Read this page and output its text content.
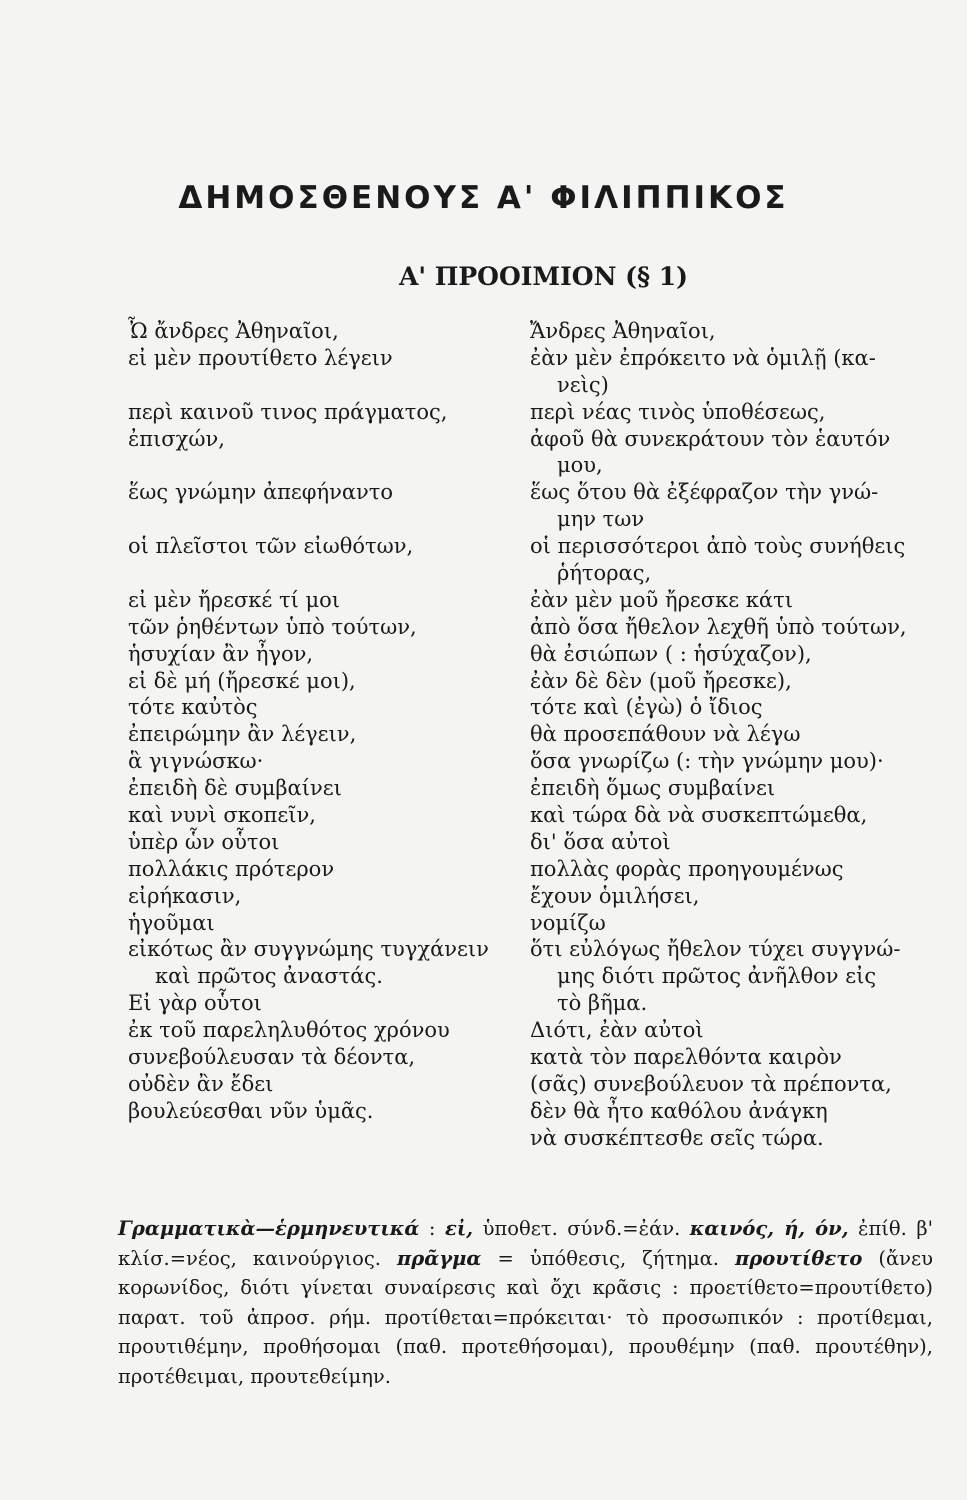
ΔΗΜΟΣΘΕΝΟΥΣ Α' ΦΙΛΙΠΠΙΚΟΣ
Α' ΠΡΟΟΙΜΙΟΝ (§ 1)
Ὦ ἄνδρες Ἀθηναῖοι,
εἰ μὲν προυτίθετο λέγειν
περὶ καινοῦ τινος πράγματος,
ἐπισχών,
ἕως γνώμην ἀπεφήναντο
οἱ πλεῖστοι τῶν εἰωθότων,
εἰ μὲν ἤρεσκέ τί μοι
τῶν ῥηθέντων ὑπὸ τούτων,
ἡσυχίαν ἂν ἦγον,
εἰ δὲ μή (ἤρεσκέ μοι),
τότε καὐτὸς
ἐπειρώμην ἂν λέγειν,
ἃ γιγνώσκω·
ἐπειδὴ δὲ συμβαίνει
καὶ νυνὶ σκοπεῖν,
ὑπὲρ ὧν οὗτοι
πολλάκις πρότερον
εἰρήκασιν,
ἡγοῦμαι
εἰκότως ἂν συγγνώμης τυγχάνειν
καὶ πρῶτος ἀναστάς.
Εἰ γὰρ οὗτοι
ἐκ τοῦ παρεληλυθότος χρόνου
συνεβούλευσαν τὰ δέοντα,
οὐδὲν ἂν ἔδει
βουλεύεσθαι νῦν ὑμᾶς.
Ἄνδρες Ἀθηναῖοι,
ἐὰν μὲν ἐπρόκειτο νὰ ὁμιλῇ (κα-
νεὶς)
περὶ νέας τινὸς ὑποθέσεως,
ἀφοῦ θὰ συνεκράτουν τὸν ἑαυτόν
μου,
ἕως ὅτου θὰ ἐξέφραζον τὴν γνώ-
μην των
οἱ περισσότεροι ἀπὸ τοὺς συνήθεις
ῥήτορας,
ἐὰν μὲν μοῦ ἤρεσκε κάτι
ἀπὸ ὅσα ἤθελον λεχθῆ ὑπὸ τούτων,
θὰ ἐσιώπων ( : ἡσύχαζον),
ἐὰν δὲ δὲν (μοῦ ἤρεσκε),
τότε καὶ (ἐγὼ) ὁ ἴδιος
θὰ προσεπάθουν νὰ λέγω
ὅσα γνωρίζω (: τὴν γνώμην μου)·
ἐπειδὴ ὅμως συμβαίνει
καὶ τώρα δὰ νὰ συσκεπτώμεθα,
δι' ὅσα αὐτοὶ
πολλὰς φορὰς προηγουμένως
ἔχουν ὁμιλήσει,
νομίζω
ὅτι εὐλόγως ἤθελον τύχει συγγνώ-
μης διότι πρῶτος ἀνῆλθον εἰς
τὸ βῆμα.
Διότι, ἐὰν αὐτοὶ
κατὰ τὸν παρελθόντα καιρὸν
(σᾶς) συνεβούλευον τὰ πρέποντα,
δὲν θὰ ἦτο καθόλου ἀνάγκη
νὰ συσκέπτεσθε σεῖς τώρα.

Γραμματικὰ—ἑρμηνευτικά : εἰ, ὑποθετ. σύνδ.=ἐάν. καινός, ή, όν, ἐπίθ. β' κλίσ.=νέος, καινούργιος. πρᾶγμα = ὑπόθεσις, ζήτημα. προυτίθετο (ἄνευ κορωνίδος, διότι γίνεται συναίρεσις καὶ ὄχι κρᾶσις : προετίθετο=προυτίθετο) παρατ. τοῦ ἀπροσ. ρήμ. προτίθεται=πρόκειται· τὸ προσωπικόν : προτίθεμαι, προυτιθέμην, προθήσομαι (παθ. προτεθήσομαι), προυθέμην (παθ. προυτέθην), προτέθειμαι, προυτεθείμην.
